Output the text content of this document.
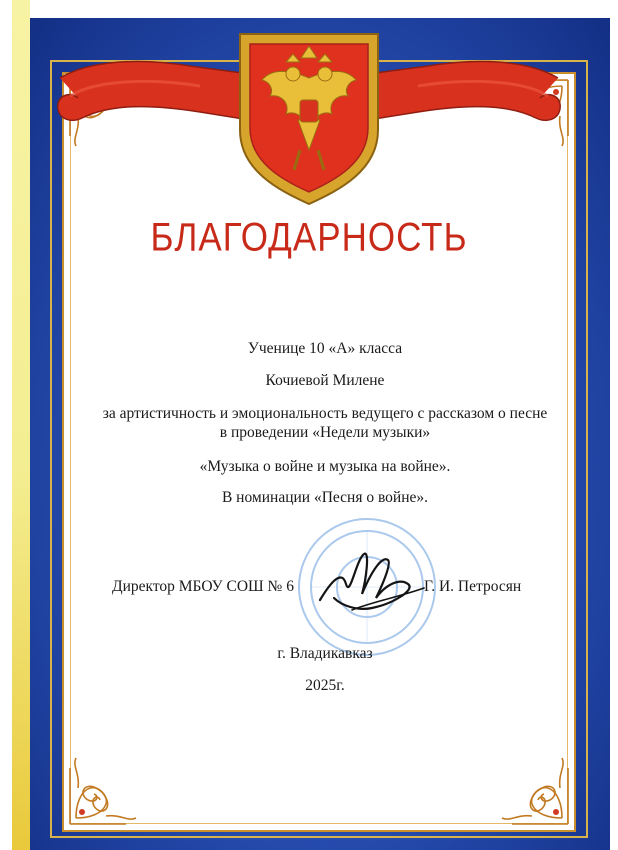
БЛАГОДАРНОСТЬ
Ученице 10 «А» класса
Кочиевой Милене
за артистичность и эмоциональность ведущего с рассказом о песне
в проведении «Недели музыки»
«Музыка о войне и музыка на войне».
В номинации «Песня о войне».
Директор МБОУ СОШ № 6	Г. И. Петросян
г. Владикавказ
2025г.
